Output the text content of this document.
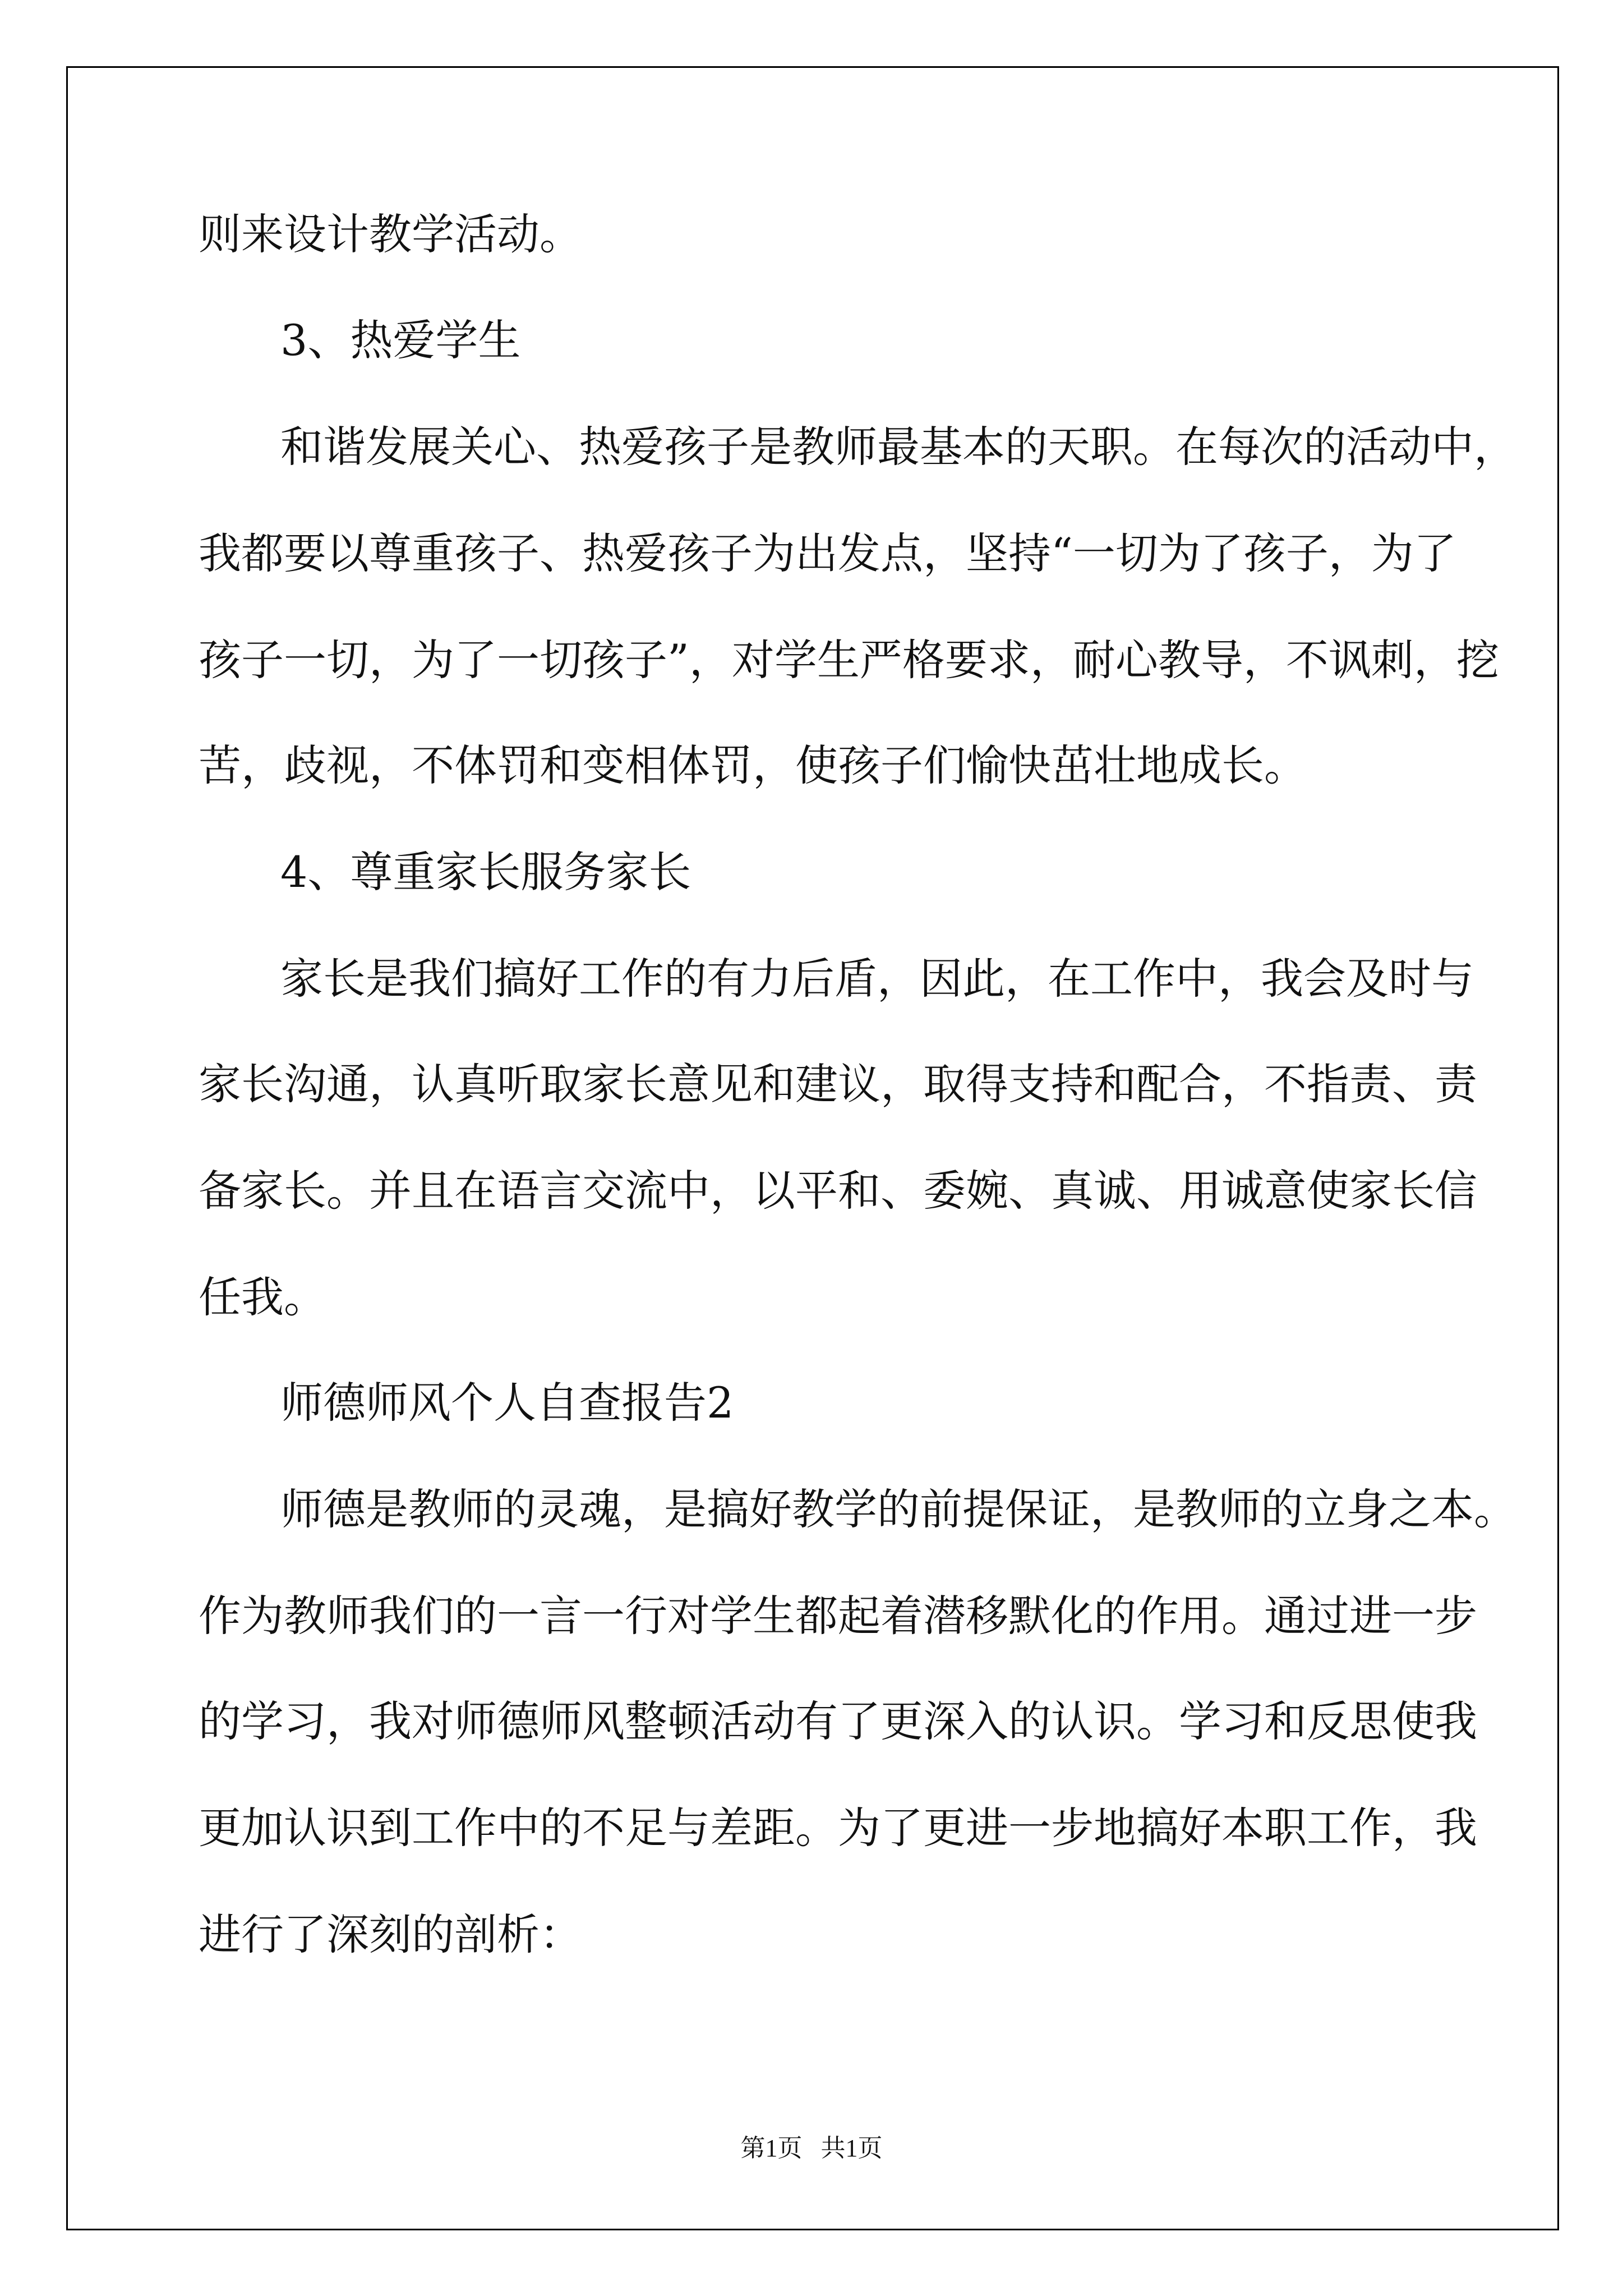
则来设计教学活动。

3、热爱学生

和谐发展关心、热爱孩子是教师最基本的天职。在每次的活动中，

我都要以尊重孩子、热爱孩子为出发点，坚持“一切为了孩子，为了

孩子一切，为了一切孩子”，对学生严格要求，耐心教导，不讽刺，挖

苦，歧视，不体罚和变相体罚，使孩子们愉快茁壮地成长。

4、尊重家长服务家长

家长是我们搞好工作的有力后盾，因此，在工作中，我会及时与

家长沟通，认真听取家长意见和建议，取得支持和配合，不指责、责

备家长。并且在语言交流中，以平和、委婉、真诚、用诚意使家长信

任我。

师德师风个人自查报告2

师德是教师的灵魂，是搞好教学的前提保证，是教师的立身之本。

作为教师我们的一言一行对学生都起着潜移默化的作用。通过进一步

的学习，我对师德师风整顿活动有了更深入的认识。学习和反思使我

更加认识到工作中的不足与差距。为了更进一步地搞好本职工作，我

进行了深刻的剖析：

第1页   共1页
